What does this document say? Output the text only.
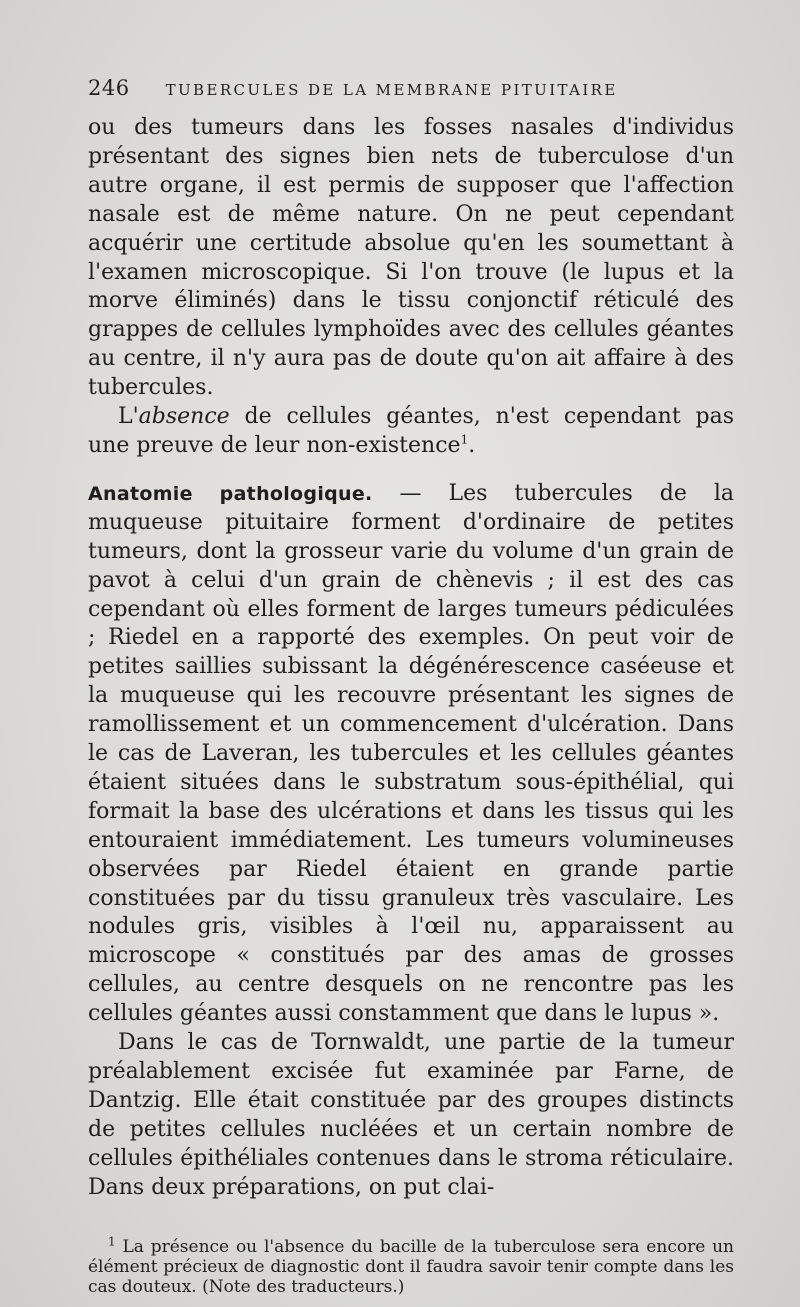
246 TUBERCULES DE LA MEMBRANE PITUITAIRE

ou des tumeurs dans les fosses nasales d'individus présentant des signes bien nets de tuberculose d'un autre organe, il est permis de supposer que l'affection nasale est de même nature. On ne peut cependant acquérir une certitude absolue qu'en les soumettant à l'examen microscopique. Si l'on trouve (le lupus et la morve éliminés) dans le tissu conjonctif réticulé des grappes de cellules lymphoïdes avec des cellules géantes au centre, il n'y aura pas de doute qu'on ait affaire à des tubercules.

L'absence de cellules géantes, n'est cependant pas une preuve de leur non-existence$^1$.

Anatomie pathologique. — Les tubercules de la muqueuse pituitaire forment d'ordinaire de petites tumeurs, dont la grosseur varie du volume d'un grain de pavot à celui d'un grain de chènevis ; il est des cas cependant où elles forment de larges tumeurs pédiculées ; Riedel en a rapporté des exemples. On peut voir de petites saillies subissant la dégénérescence caséeuse et la muqueuse qui les recouvre présentant les signes de ramollissement et un commencement d'ulcération. Dans le cas de Laveran, les tubercules et les cellules géantes étaient situées dans le substratum sous-épithélial, qui formait la base des ulcérations et dans les tissus qui les entouraient immédiatement. Les tumeurs volumineuses observées par Riedel étaient en grande partie constituées par du tissu granuleux très vasculaire. Les nodules gris, visibles à l'œil nu, apparaissent au microscope « constitués par des amas de grosses cellules, au centre desquels on ne rencontre pas les cellules géantes aussi constamment que dans le lupus ».

Dans le cas de Tornwaldt, une partie de la tumeur préalablement excisée fut examinée par Farne, de Dantzig. Elle était constituée par des groupes distincts de petites cellules nucléées et un certain nombre de cellules épithéliales contenues dans le stroma réticulaire. Dans deux préparations, on put clai-

$^1$ La présence ou l'absence du bacille de la tuberculose sera encore un élément précieux de diagnostic dont il faudra savoir tenir compte dans les cas douteux. (Note des traducteurs.)
